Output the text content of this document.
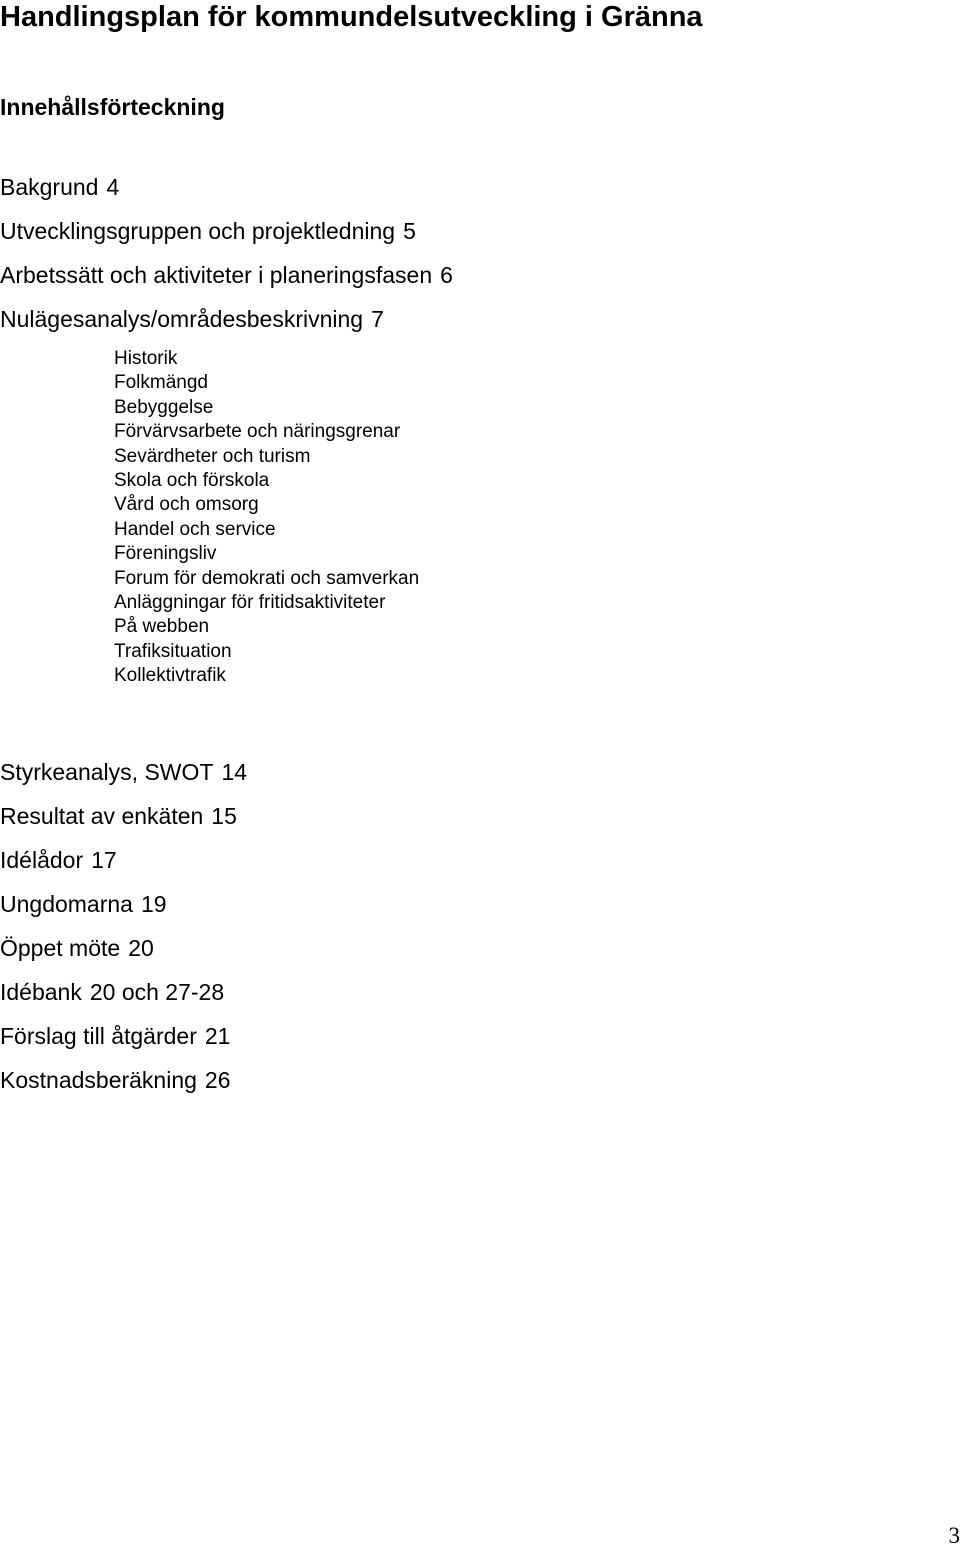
Handlingsplan för kommundelsutveckling i Gränna
Innehållsförteckning
Bakgrund 4
Utvecklingsgruppen och projektledning 5
Arbetssätt och aktiviteter i planeringsfasen 6
Nulägesanalys/områdesbeskrivning 7
Historik
Folkmängd
Bebyggelse
Förvärvsarbete och näringsgrenar
Sevärdheter och turism
Skola och förskola
Vård och omsorg
Handel och service
Föreningsliv
Forum för demokrati och samverkan
Anläggningar för fritidsaktiviteter
På webben
Trafiksituation
Kollektivtrafik
Styrkeanalys, SWOT 14
Resultat av enkäten 15
Idélådor 17
Ungdomarna 19
Öppet möte 20
Idébank 20 och 27-28
Förslag till åtgärder 21
Kostnadsberäkning 26
3
